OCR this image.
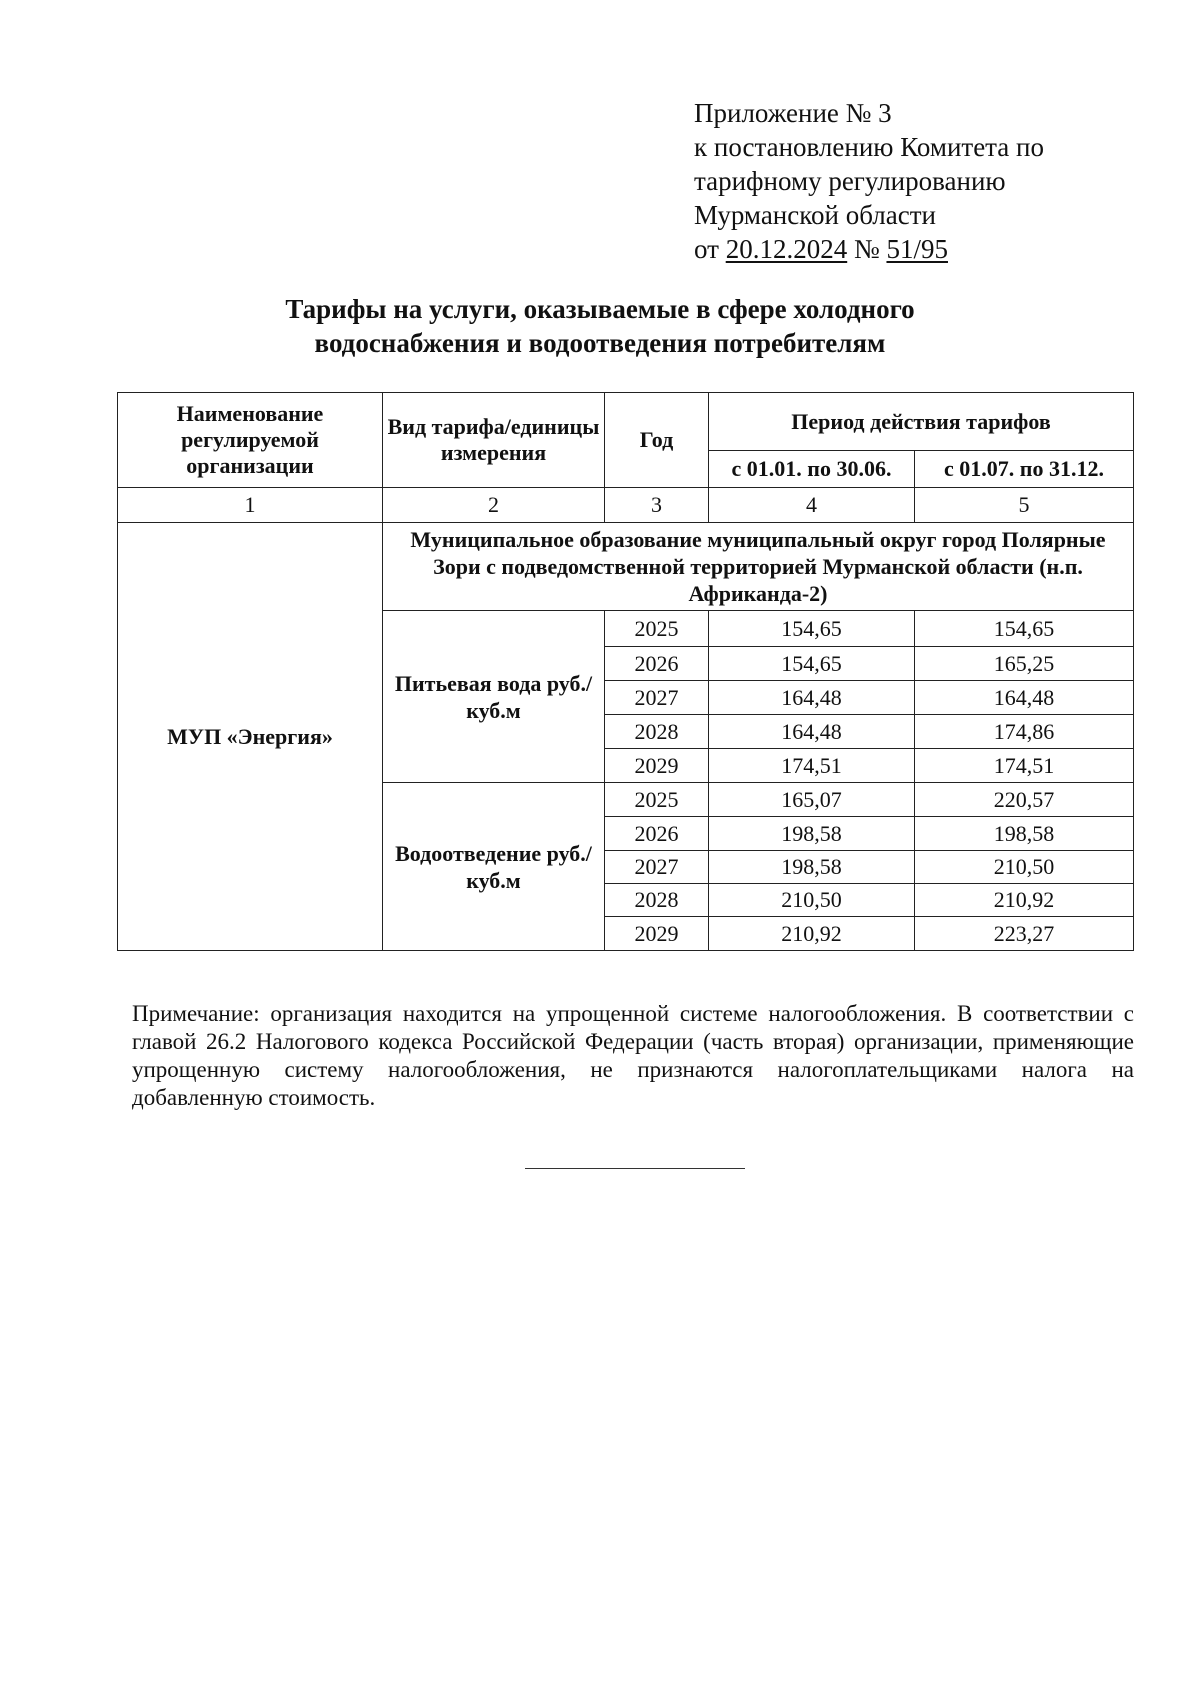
Приложение № 3
к постановлению Комитета по
тарифному регулированию
Мурманской области
от 20.12.2024 № 51/95
Тарифы на услуги, оказываемые в сфере холодного
водоснабжения и водоотведения потребителям
Наименование регулируемой организации	Вид тарифа/единицы измерения	Год	Период действия тарифов	
			с 01.01. по 30.06.	с 01.07. по 31.12.
1	2	3	4	5
МУП «Энергия»	Муниципальное образование муниципальный округ город Полярные Зори с подведомственной территорией Мурманской области (н.п. Африканда-2)			
	Питьевая вода руб./куб.м	2025	154,65	154,65
		2026	154,65	165,25
		2027	164,48	164,48
		2028	164,48	174,86
		2029	174,51	174,51
	Водоотведение руб./куб.м	2025	165,07	220,57
		2026	198,58	198,58
		2027	198,58	210,50
		2028	210,50	210,92
		2029	210,92	223,27
Примечание: организация находится на упрощенной системе налогообложения. В соответствии с главой 26.2 Налогового кодекса Российской Федерации (часть вторая) организации, применяющие упрощенную систему налогообложения, не признаются налогоплательщиками налога на добавленную стоимость.
